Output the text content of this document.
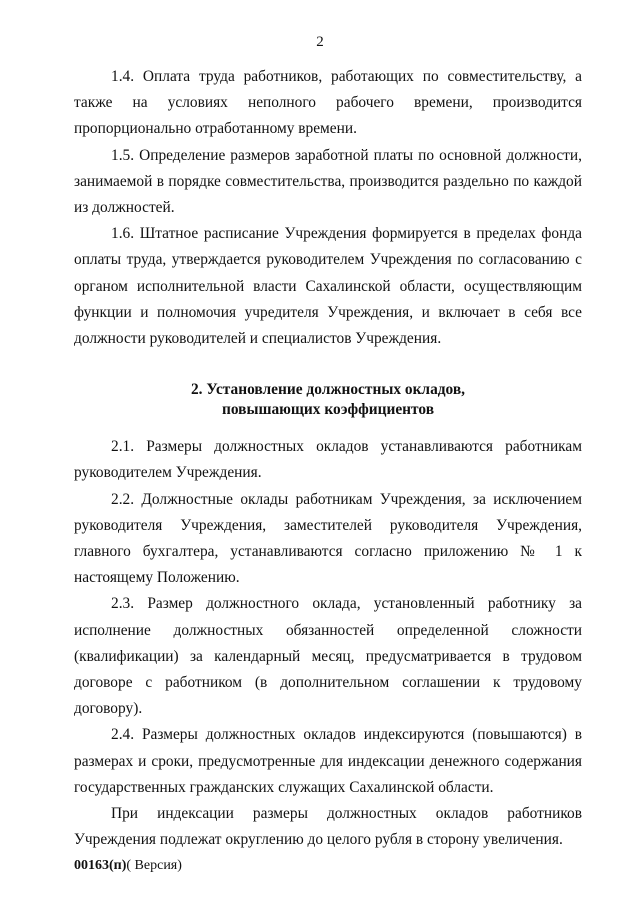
2

1.4. Оплата труда работников, работающих по совместительству, а также на условиях неполного рабочего времени, производится пропорционально отработанному времени.

1.5. Определение размеров заработной платы по основной должности, занимаемой в порядке совместительства, производится раздельно по каждой из должностей.

1.6. Штатное расписание Учреждения формируется в пределах фонда оплаты труда, утверждается руководителем Учреждения по согласованию с органом исполнительной власти Сахалинской области, осуществляющим функции и полномочия учредителя Учреждения, и включает в себя все должности руководителей и специалистов Учреждения.

2. Установление должностных окладов,
повышающих коэффициентов

2.1. Размеры должностных окладов устанавливаются работникам руководителем Учреждения.

2.2. Должностные оклады работникам Учреждения, за исключением руководителя Учреждения, заместителей руководителя Учреждения, главного бухгалтера, устанавливаются согласно приложению № 1 к настоящему Положению.

2.3. Размер должностного оклада, установленный работнику за исполнение должностных обязанностей определенной сложности (квалификации) за календарный месяц, предусматривается в трудовом договоре с работником (в дополнительном соглашении к трудовому договору).

2.4. Размеры должностных окладов индексируются (повышаются) в размерах и сроки, предусмотренные для индексации денежного содержания государственных гражданских служащих Сахалинской области.

При индексации размеры должностных окладов работников Учреждения подлежат округлению до целого рубля в сторону увеличения.

00163(п)( Версия)
